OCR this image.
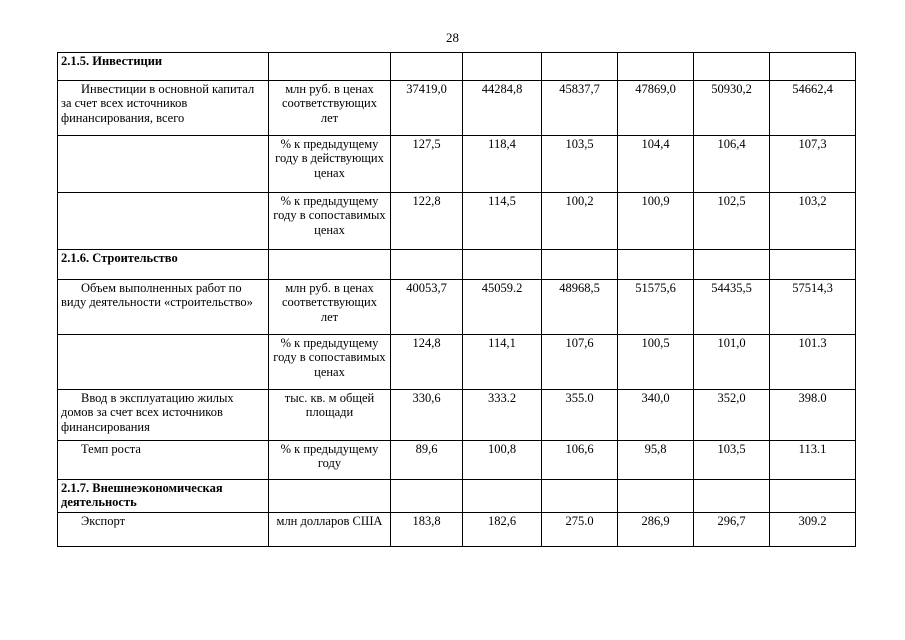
28
2.1.5. Инвестиции							
Инвестиции в основной капитал за счет всех источников финансирования, всего	млн руб. в ценах соответствующих лет	37419,0	44284,8	45837,7	47869,0	50930,2	54662,4
	% к предыдущему году в действующих ценах	127,5	118,4	103,5	104,4	106,4	107,3
	% к предыдущему году в сопоставимых ценах	122,8	114,5	100,2	100,9	102,5	103,2
2.1.6. Строительство							
Объем выполненных работ по виду деятельности «строительство»	млн руб. в ценах соответствующих лет	40053,7	45059.2	48968,5	51575,6	54435,5	57514,3
	% к предыдущему году в сопоставимых ценах	124,8	114,1	107,6	100,5	101,0	101.3
Ввод в эксплуатацию жилых домов за счет всех источников финансирования	тыс. кв. м общей площади	330,6	333.2	355.0	340,0	352,0	398.0
Темп роста	% к предыдущему году	89,6	100,8	106,6	95,8	103,5	113.1
2.1.7. Внешнеэкономическая деятельность							
Экспорт	млн долларов США	183,8	182,6	275.0	286,9	296,7	309.2
